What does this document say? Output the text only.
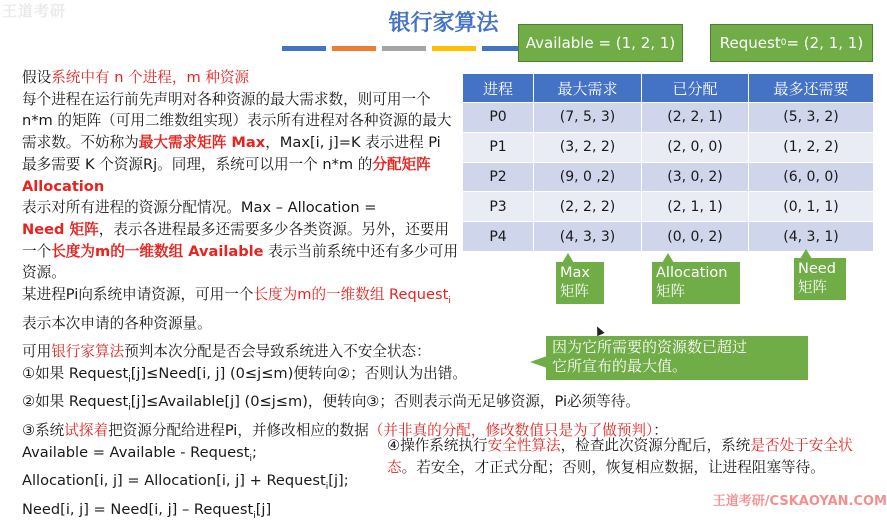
王道考研	银行家算法
Available = (1, 2, 1)	Request 0 = (2, 1, 1)
假设系统中有 n 个进程，m 种资源
每个进程在运行前先声明对各种资源的最大需求数，则可用一个 n*m 的矩阵（可用二维数组实现）表示所有进程对各种资源的最大需求数。不妨称为最大需求矩阵 Max，Max[i, j]=K 表示进程 Pi 最多需要 K 个资源Rj。同理，系统可以用一个 n*m 的分配矩阵 Allocation
表示对所有进程的资源分配情况。Max – Allocation =
Need 矩阵，表示各进程最多还需要多少各类资源。另外，还要用一个长度为m的一维数组 Available 表示当前系统中还有多少可用资源。
某进程Pi向系统申请资源，可用一个长度为m的一维数组 Request$_i$ 表示本次申请的各种资源量。
进程	最大需求	已分配	最多还需要
P0	(7, 5, 3)	(2, 2, 1)	(5, 3, 2)
P1	(3, 2, 2)	(2, 0, 0)	(1, 2, 2)
P2	(9, 0 ,2)	(3, 0, 2)	(6, 0, 0)
P3	(2, 2, 2)	(2, 1, 1)	(0, 1, 1)
P4	(4, 3, 3)	(0, 0, 2)	(4, 3, 1)
Max
矩阵
Allocation
矩阵
Need
矩阵
因为它所需要的资源数已超过
它所宣布的最大值。
可用银行家算法预判本次分配是否会导致系统进入不安全状态：
①如果 Request$_i$[j]≤Need[i, j] (0≤j≤m)便转向②；否则认为出错。
②如果 Request$_i$[j]≤Available[j] (0≤j≤m)，便转向③；否则表示尚无足够资源，Pi必须等待。
③系统试探着把资源分配给进程Pi，并修改相应的数据（并非真的分配，修改数值只是为了做预判）：
Available = Available - Request$_i$;
Allocation[i, j] = Allocation[i, j] + Request$_i$[j];
Need[i, j] = Need[i, j] – Request$_i$[j]
④操作系统执行安全性算法，检查此次资源分配后，系统是否处于安全状态。若安全，才正式分配；否则，恢复相应数据，让进程阻塞等待。
王道考研/CSKAOYAN.COM
